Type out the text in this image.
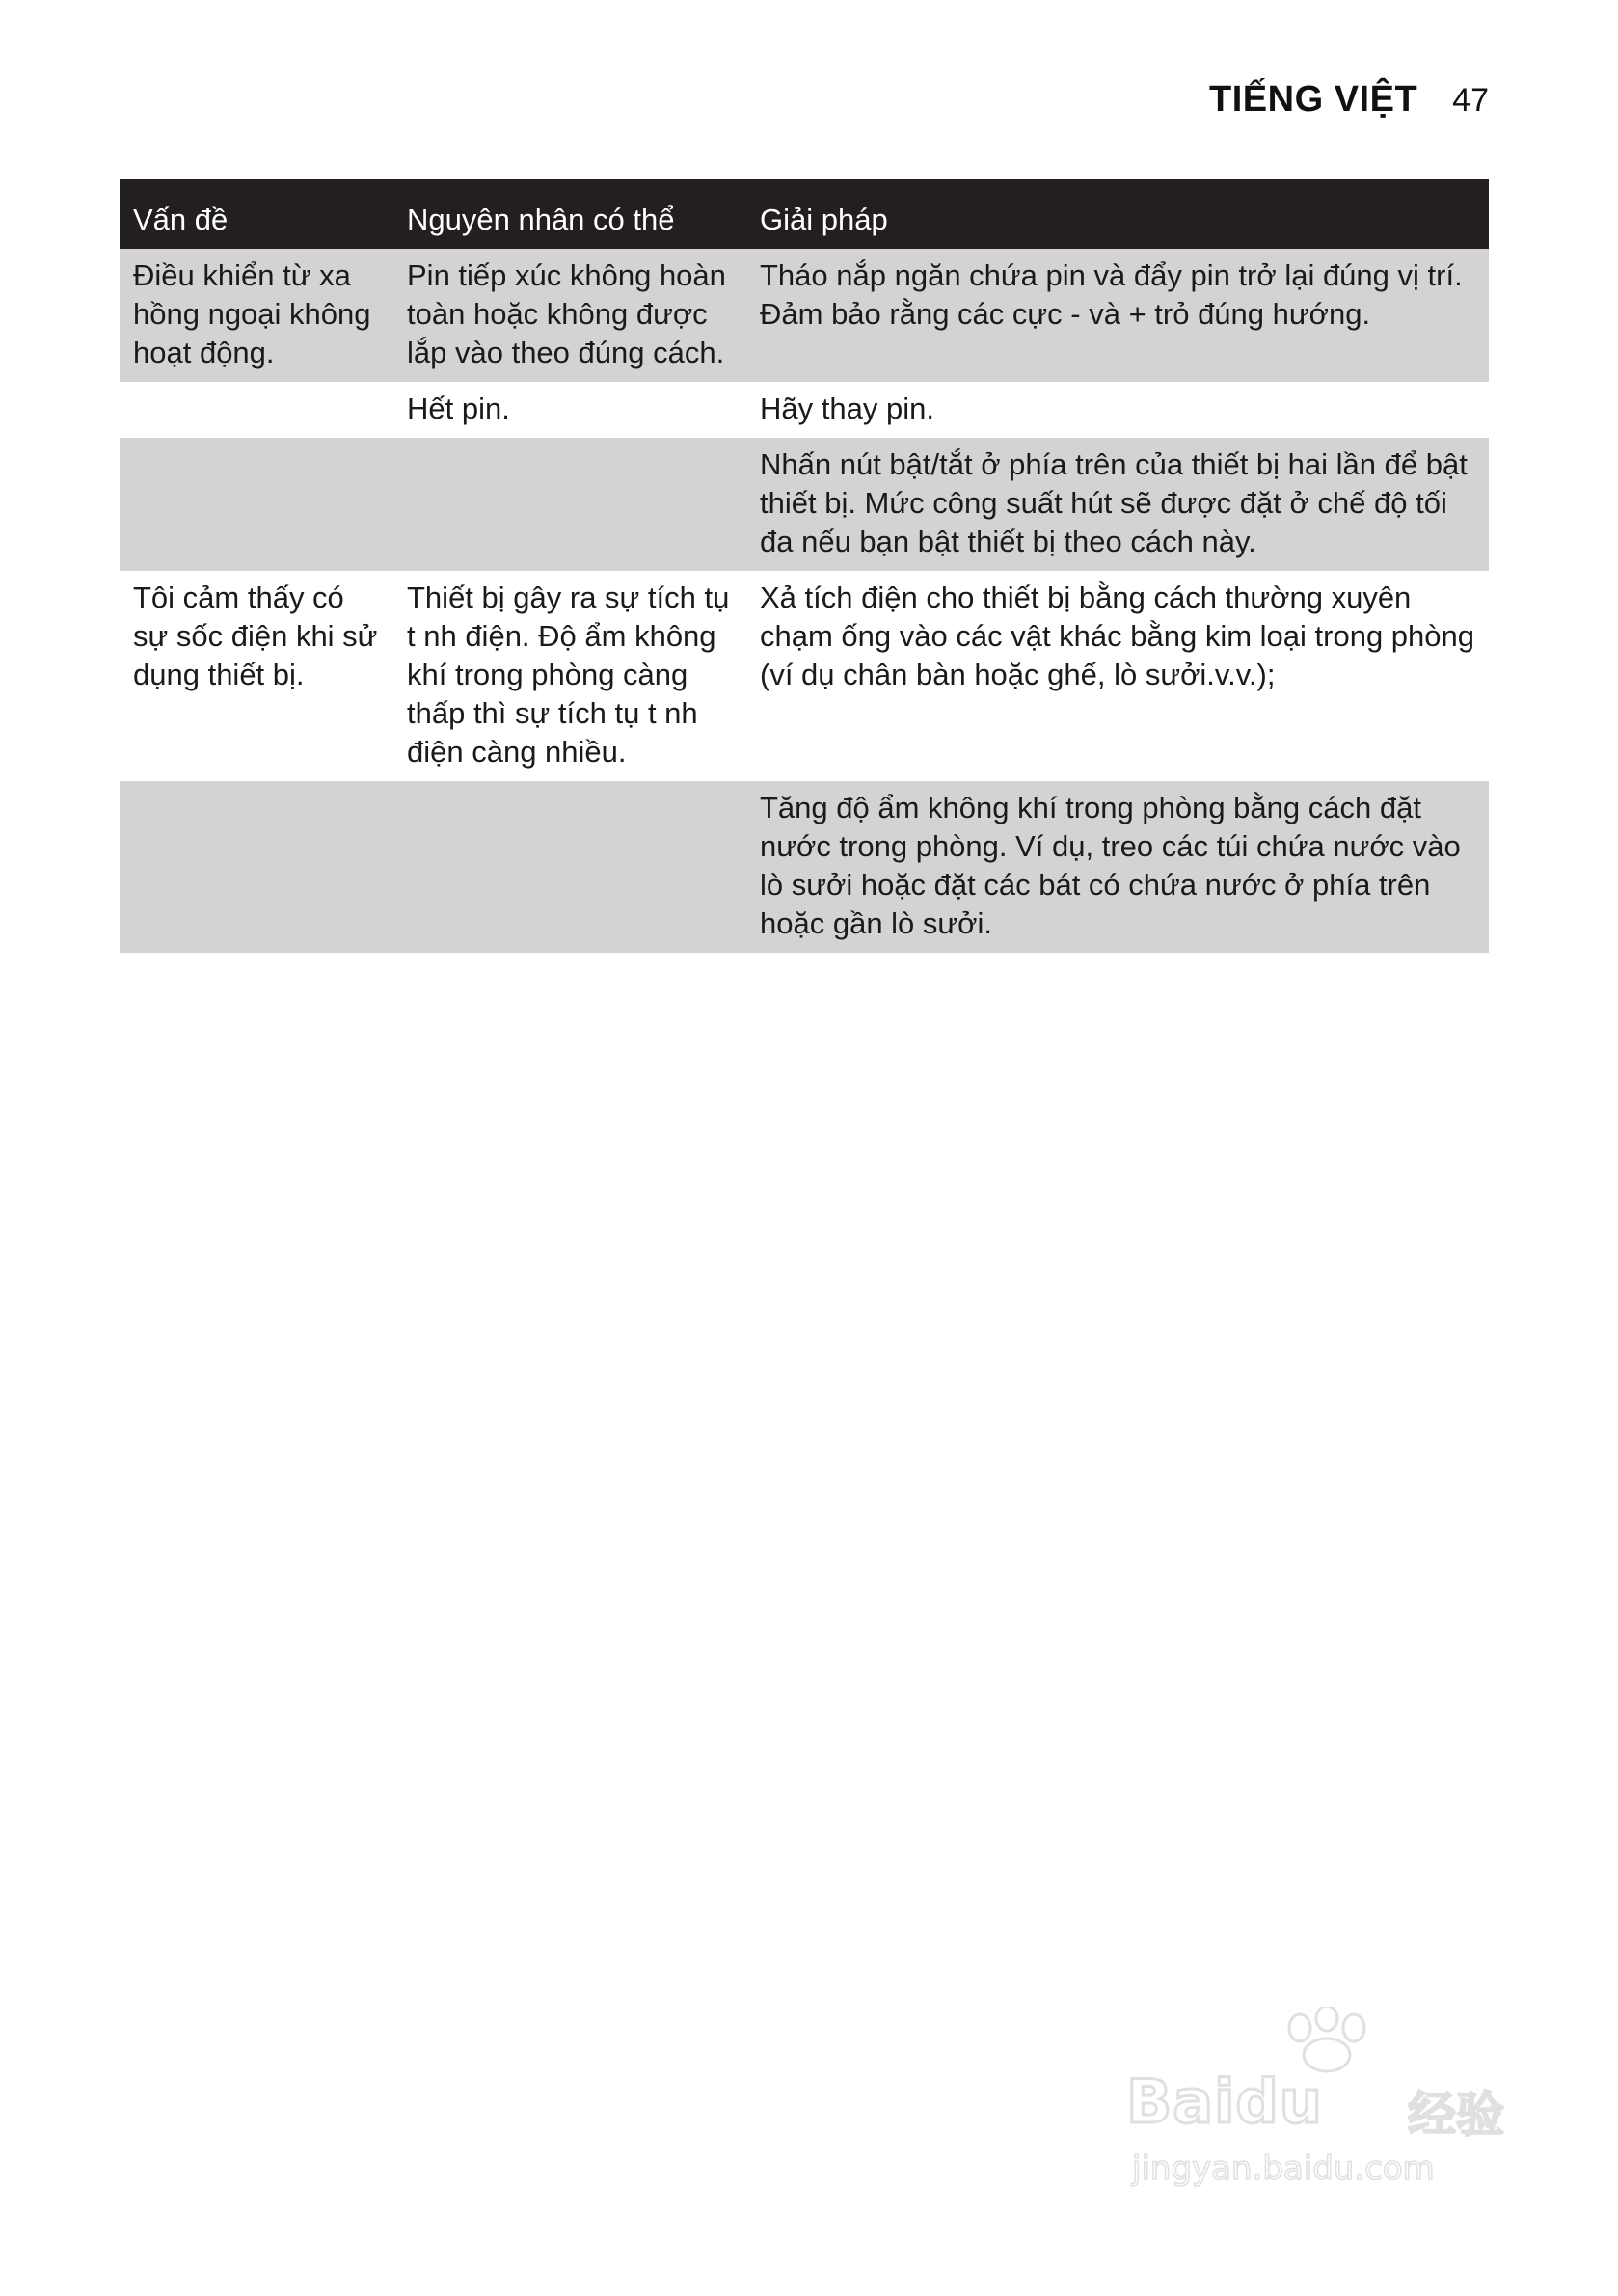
TIẾNG VIỆT 47
Vấn đề	Nguyên nhân có thể	Giải pháp
Điều khiển từ xa hồng ngoại không hoạt động.	Pin tiếp xúc không hoàn toàn hoặc không được lắp vào theo đúng cách.	Tháo nắp ngăn chứa pin và đẩy pin trở lại đúng vị trí. Đảm bảo rằng các cực - và + trỏ đúng hướng.
	Hết pin.	Hãy thay pin.
		Nhấn nút bật/tắt ở phía trên của thiết bị hai lần để bật thiết bị. Mức công suất hút sẽ được đặt ở chế độ tối đa nếu bạn bật thiết bị theo cách này.
Tôi cảm thấy có sự sốc điện khi sử dụng thiết bị.	Thiết bị gây ra sự tích tụ t nh điện. Độ ẩm không khí trong phòng càng thấp thì sự tích tụ t nh điện càng nhiều.	Xả tích điện cho thiết bị bằng cách thường xuyên chạm ống vào các vật khác bằng kim loại trong phòng (ví dụ chân bàn hoặc ghế, lò sưởi.v.v.);
		Tăng độ ẩm không khí trong phòng bằng cách đặt nước trong phòng. Ví dụ, treo các túi chứa nước vào lò sưởi hoặc đặt các bát có chứa nước ở phía trên hoặc gần lò sưởi.
Baidu 经验
jingyan.baidu.com
